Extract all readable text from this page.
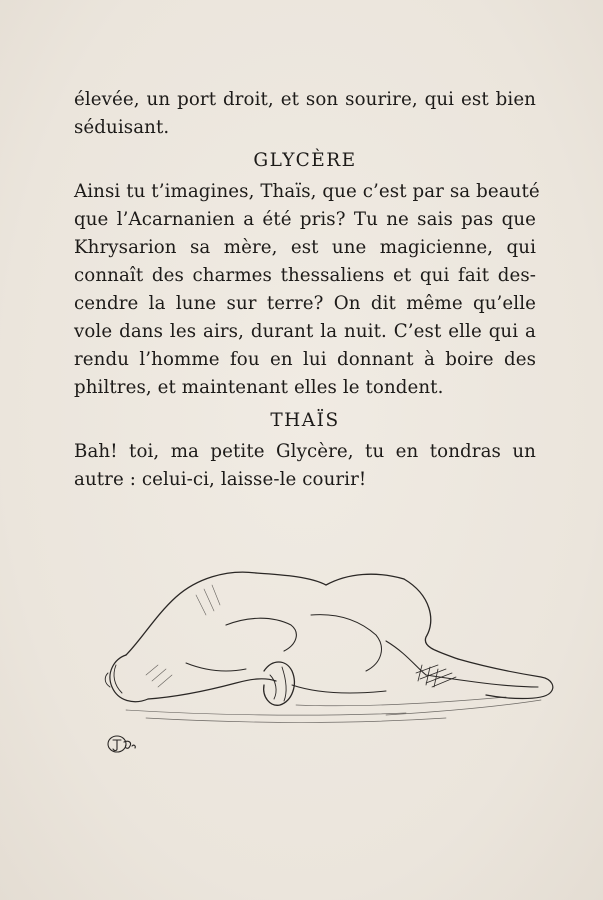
élevée, un port droit, et son sourire, qui est bien
séduisant.
GLYCÈRE
Ainsi tu t’imagines, Thaïs, que c’est par sa beauté
que l’Acarnanien a été pris? Tu ne sais pas que
Khrysarion sa mère, est une magicienne, qui
connaît des charmes thessaliens et qui fait des-
cendre la lune sur terre? On dit même qu’elle
vole dans les airs, durant la nuit. C’est elle qui a
rendu l’homme fou en lui donnant à boire des
philtres, et maintenant elles le tondent.
THAÏS
Bah! toi, ma petite Glycère, tu en tondras un
autre : celui-ci, laisse-le courir!
